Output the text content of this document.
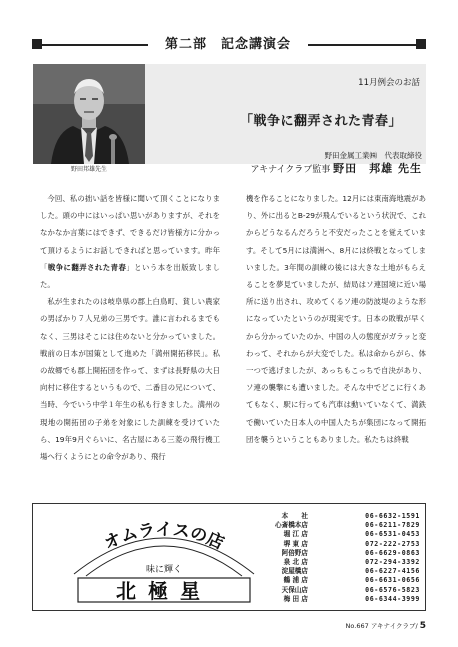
第二部　記念講演会
野田邦雄先生
11月例会のお話
「戦争に翻弄された青春」
野田金属工業㈱　代表取締役
アキナイクラブ監事 野田　邦雄 先生

今回、私の拙い話を皆様に聞いて頂くことになりました。頭の中にはいっぱい思いがありますが、それをなかなか言葉にはできず、できるだけ皆様方に分かって頂けるようにお話しできればと思っています。昨年「戦争に翻弄された青春」という本を出版致しました。

私が生まれたのは岐阜県の郡上白鳥町、貧しい農家の男ばかり７人兄弟の三男です。誰に言われるまでもなく、三男はそこには住めないと分かっていました。戦前の日本が国策として進めた「満州開拓移民」。私の故郷でも郡上開拓団を作って、まずは長野県の大日向村に移住するというもので、二番目の兄について、当時、今でいう中学１年生の私も行きました。満州の現地の開拓団の子弟を対象にした訓練を受けていたら、19年9月ぐらいに、名古屋にある三菱の飛行機工場へ行くようにとの命令があり、飛行

機を作ることになりました。12月には東南海地震があり、外に出るとB-29が飛んでいるという状況で、これからどうなるんだろうと不安だったことを覚えています。そして5月には満洲へ、8月には終戦となってしまいました。3年間の訓練の後には大きな土地がもらえることを夢見ていましたが、結局はソ連国境に近い場所に送り出され、攻めてくるソ連の防波堤のような形になっていたというのが現実です。日本の敗戦が早くから分かっていたのか、中国の人の態度がガラッと変わって、それからが大変でした。私は命からがら、体一つで逃げましたが、あっちもこっちで自決があり、ソ連の襲撃にも遭いました。そんな中でどこに行くあてもなく、駅に行っても汽車は動いていなくて、満鉄で働いていた日本人の中国人たちが集団になって開拓団を襲うということもありました。私たちは終戦

オムライスの店
味に輝く
北極星
本　　社	06-6632-1591
心斎橋本店	06-6211-7829
堀 江 店	06-6531-0453
堺 東 店	072-222-2753
阿倍野店	06-6629-0863
泉 北 店	072-294-3392
淀屋橋店	06-6227-4156
鶴 浦 店	06-6631-0656
天保山店	06-6576-5823
梅 田 店	06-6344-3999
No.667 アキナイクラブ/ 5
